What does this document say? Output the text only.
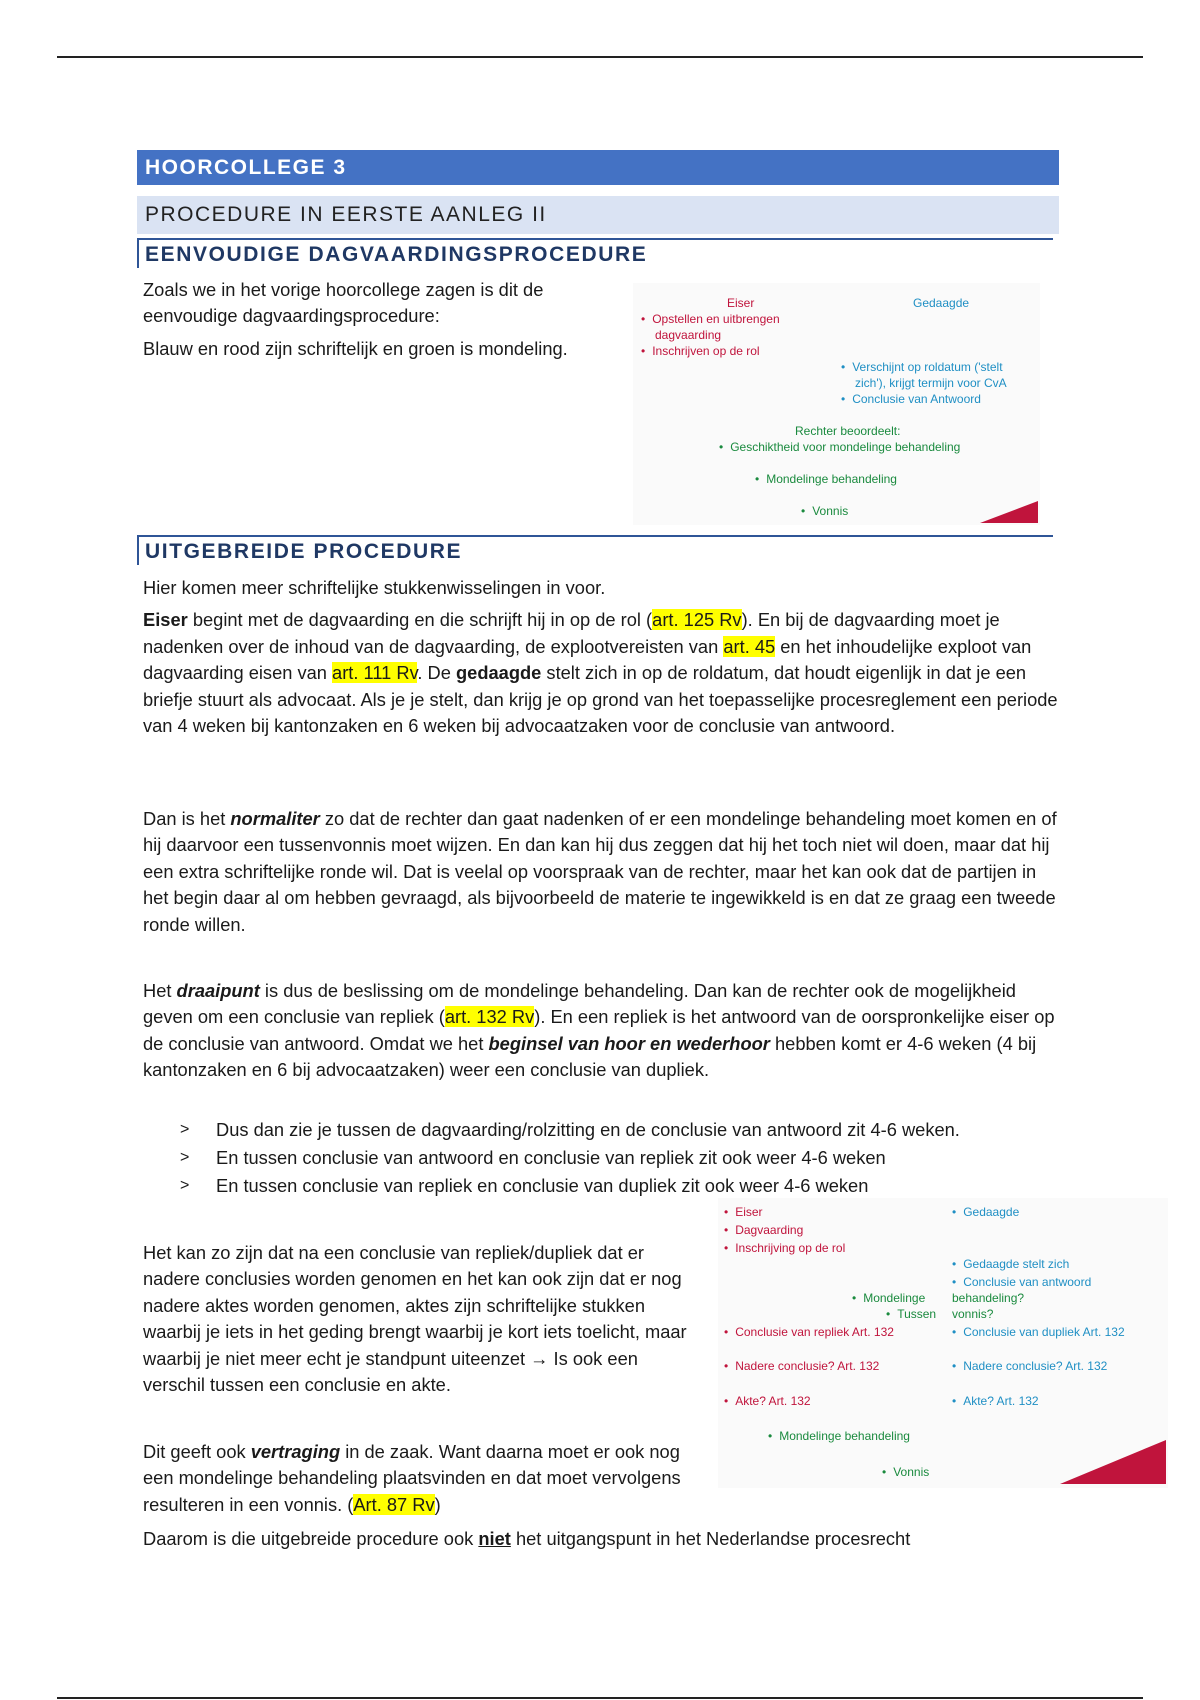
HOORCOLLEGE 3
PROCEDURE IN EERSTE AANLEG II
EENVOUDIGE DAGVAARDINGSPROCEDURE

Zoals we in het vorige hoorcollege zagen is dit de eenvoudige dagvaardingsprocedure:

Blauw en rood zijn schriftelijk en groen is mondeling.

Eiser
• Opstellen en uitbrengen
dagvaarding
• Inschrijven op de rol
Gedaagde
• Verschijnt op roldatum ('stelt
zich'), krijgt termijn voor CvA
• Conclusie van Antwoord
Rechter beoordeelt:
• Geschiktheid voor mondelinge behandeling
• Mondelinge behandeling
• Vonnis
UITGEBREIDE PROCEDURE

Hier komen meer schriftelijke stukkenwisselingen in voor.

Eiser begint met de dagvaarding en die schrijft hij in op de rol (art. 125 Rv). En bij de dagvaarding moet je nadenken over de inhoud van de dagvaarding, de explootvereisten van art. 45 en het inhoudelijke exploot van dagvaarding eisen van art. 111 Rv. De gedaagde stelt zich in op de roldatum, dat houdt eigenlijk in dat je een briefje stuurt als advocaat. Als je je stelt, dan krijg je op grond van het toepasselijke procesreglement een periode van 4 weken bij kantonzaken en 6 weken bij advocaatzaken voor de conclusie van antwoord.

Dan is het normaliter zo dat de rechter dan gaat nadenken of er een mondelinge behandeling moet komen en of hij daarvoor een tussenvonnis moet wijzen. En dan kan hij dus zeggen dat hij het toch niet wil doen, maar dat hij een extra schriftelijke ronde wil. Dat is veelal op voorspraak van de rechter, maar het kan ook dat de partijen in het begin daar al om hebben gevraagd, als bijvoorbeeld de materie te ingewikkeld is en dat ze graag een tweede ronde willen.

Het draaipunt is dus de beslissing om de mondelinge behandeling. Dan kan de rechter ook de mogelijkheid geven om een conclusie van repliek (art. 132 Rv). En een repliek is het antwoord van de oorspronkelijke eiser op de conclusie van antwoord. Omdat we het beginsel van hoor en wederhoor hebben komt er 4-6 weken (4 bij kantonzaken en 6 bij advocaatzaken) weer een conclusie van dupliek.

>	Dus dan zie je tussen de dagvaarding/rolzitting en de conclusie van antwoord zit 4-6 weken.
>	En tussen conclusie van antwoord en conclusie van repliek zit ook weer 4-6 weken
>	En tussen conclusie van repliek en conclusie van dupliek zit ook weer 4-6 weken

Het kan zo zijn dat na een conclusie van repliek/dupliek dat er nadere conclusies worden genomen en het kan ook zijn dat er nog nadere aktes worden genomen, aktes zijn schriftelijke stukken waarbij je iets in het geding brengt waarbij je kort iets toelicht, maar waarbij je niet meer echt je standpunt uiteenzet → Is ook een verschil tussen een conclusie en akte.

Dit geeft ook vertraging in de zaak. Want daarna moet er ook nog een mondelinge behandeling plaatsvinden en dat moet vervolgens resulteren in een vonnis. (Art. 87 Rv)

Daarom is die uitgebreide procedure ook niet het uitgangspunt in het Nederlandse procesrecht

• Eiser
• Dagvaarding
• Inschrijving op de rol
• Gedaagde
• Gedaagde stelt zich
• Conclusie van antwoord
• Mondelinge behandeling?
• Tussen vonnis?
• Conclusie van repliek Art. 132	• Conclusie van dupliek Art. 132
• Nadere conclusie? Art. 132	• Nadere conclusie? Art. 132
• Akte? Art. 132	• Akte? Art. 132
• Mondelinge behandeling
• Vonnis
